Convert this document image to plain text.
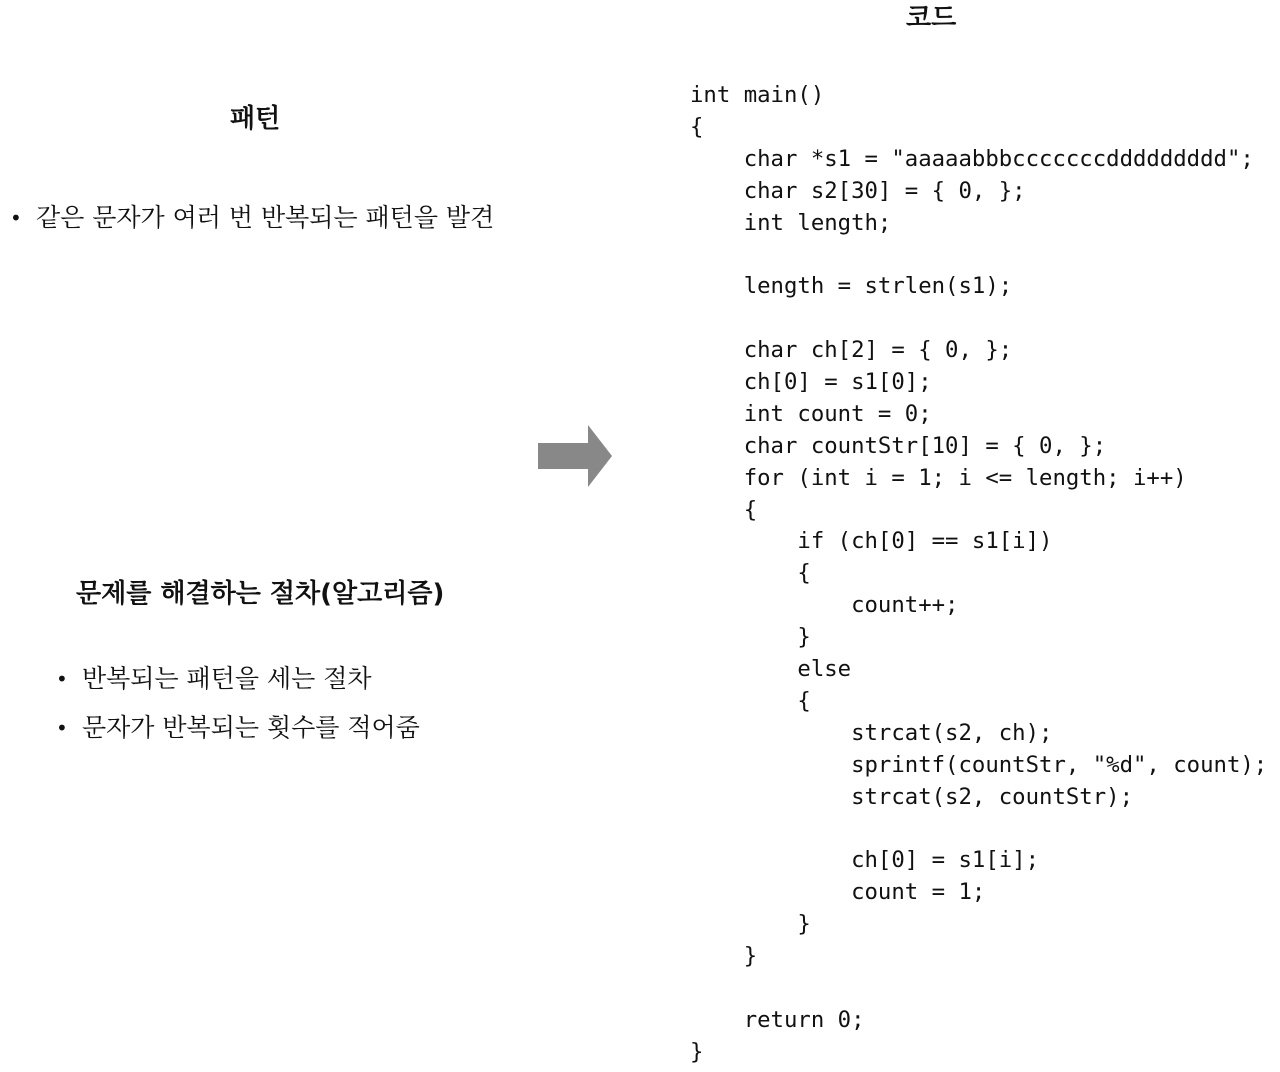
코드
패턴
• 같은 문자가 여러 번 반복되는 패턴을 발견
문제를 해결하는 절차(알고리즘)
• 반복되는 패턴을 세는 절차
• 문자가 반복되는 횟수를 적어줌
int main()
{
char *s1 = "aaaaabbbcccccccddddddddd";
char s2[30] = { 0, };
int length;
length = strlen(s1);
char ch[2] = { 0, };
ch[0] = s1[0];
int count = 0;
char countStr[10] = { 0, };
for (int i = 1; i <= length; i++)
{
if (ch[0] == s1[i])
{
count++;
}
else
{
strcat(s2, ch);
sprintf(countStr, "%d", count);
strcat(s2, countStr);
ch[0] = s1[i];
count = 1;
}
}
return 0;
}
